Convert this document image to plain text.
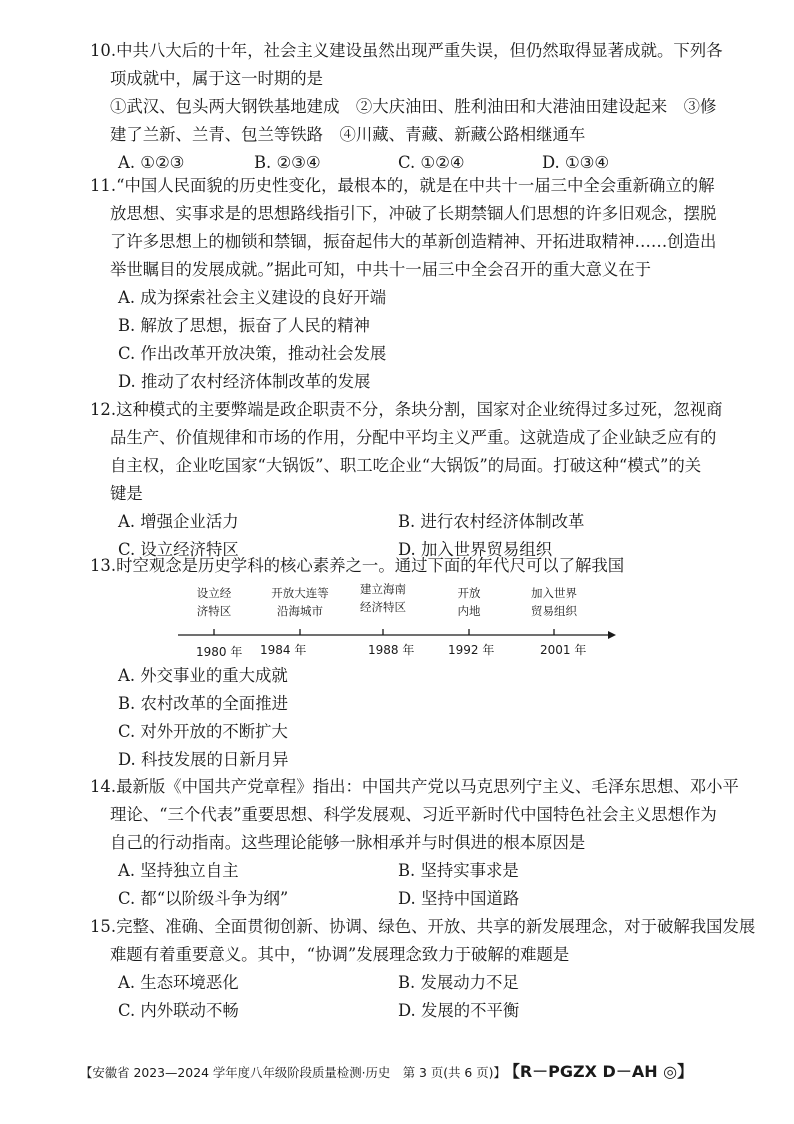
10.中共八大后的十年，社会主义建设虽然出现严重失误，但仍然取得显著成就。下列各
项成就中，属于这一时期的是
①武汉、包头两大钢铁基地建成　②大庆油田、胜利油田和大港油田建设起来　③修
建了兰新、兰青、包兰等铁路　④川藏、青藏、新藏公路相继通车
A. ①②③	B. ②③④	C. ①②④	D. ①③④
11.“中国人民面貌的历史性变化，最根本的，就是在中共十一届三中全会重新确立的解
放思想、实事求是的思想路线指引下，冲破了长期禁锢人们思想的许多旧观念，摆脱
了许多思想上的枷锁和禁锢，振奋起伟大的革新创造精神、开拓进取精神……创造出
举世瞩目的发展成就。”据此可知，中共十一届三中全会召开的重大意义在于
A. 成为探索社会主义建设的良好开端
B. 解放了思想，振奋了人民的精神
C. 作出改革开放决策，推动社会发展
D. 推动了农村经济体制改革的发展
12.这种模式的主要弊端是政企职责不分，条块分割，国家对企业统得过多过死，忽视商
品生产、价值规律和市场的作用，分配中平均主义严重。这就造成了企业缺乏应有的
自主权，企业吃国家“大锅饭”、职工吃企业“大锅饭”的局面。打破这种“模式”的关
键是
A. 增强企业活力	B. 进行农村经济体制改革
C. 设立经济特区	D. 加入世界贸易组织
13.时空观念是历史学科的核心素养之一。通过下面的年代尺可以了解我国
设立经
济特区
开放大连等
沿海城市
建立海南
经济特区
开放
内地
加入世界
贸易组织
1980 年 1984 年	1988 年	1992 年	2001 年
A. 外交事业的重大成就
B. 农村改革的全面推进
C. 对外开放的不断扩大
D. 科技发展的日新月异
14.最新版《中国共产党章程》指出：中国共产党以马克思列宁主义、毛泽东思想、邓小平
理论、“三个代表”重要思想、科学发展观、习近平新时代中国特色社会主义思想作为
自己的行动指南。这些理论能够一脉相承并与时俱进的根本原因是
A. 坚持独立自主	B. 坚持实事求是
C. 都“以阶级斗争为纲”	D. 坚持中国道路
15.完整、准确、全面贯彻创新、协调、绿色、开放、共享的新发展理念，对于破解我国发展
难题有着重要意义。其中，“协调”发展理念致力于破解的难题是
A. 生态环境恶化	B. 发展动力不足
C. 内外联动不畅	D. 发展的不平衡
【安徽省 2023—2024 学年度八年级阶段质量检测·历史　第 3 页(共 6 页)】 【R－PGZX D－AH ◎】
